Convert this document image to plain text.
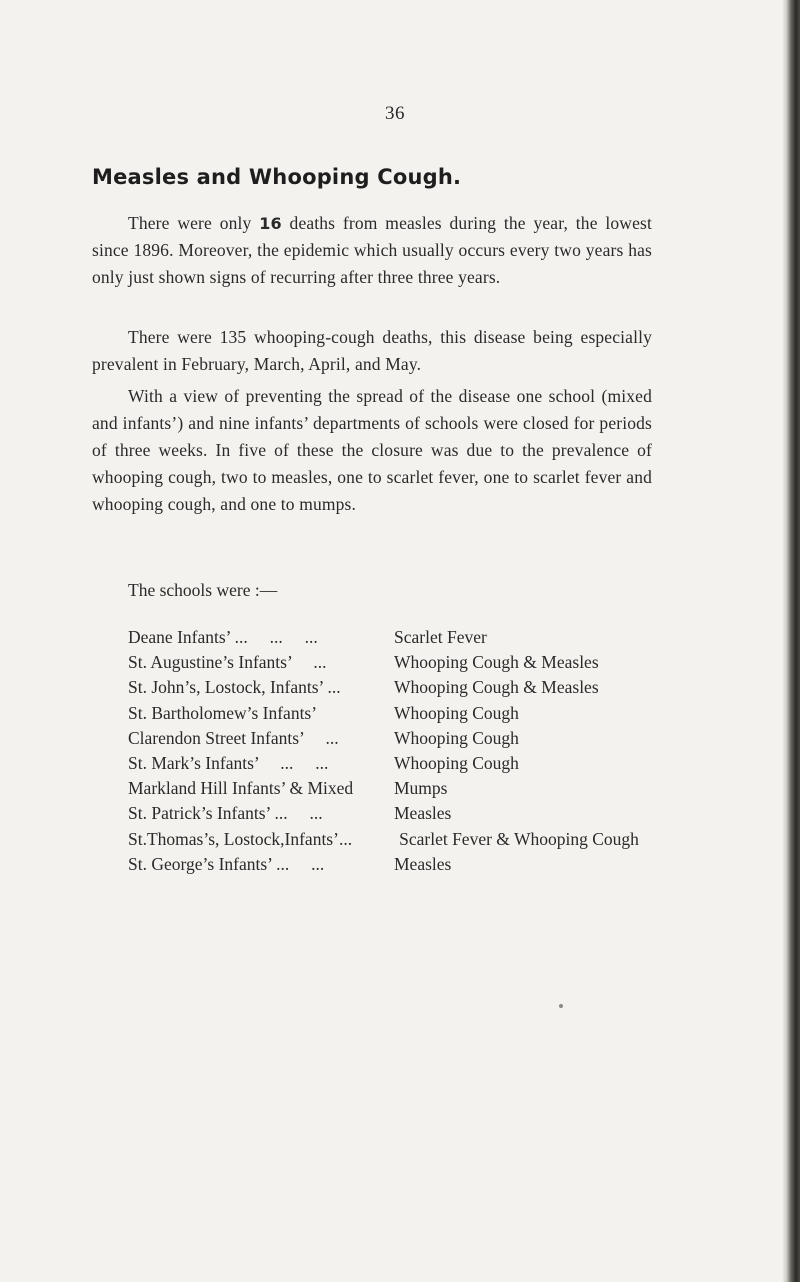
36
Measles and Whooping Cough.

There were only 16 deaths from measles during the year, the lowest since 1896. Moreover, the epidemic which usually occurs every two years has only just shown signs of recurring after three three years.

There were 135 whooping-cough deaths, this disease being especially prevalent in February, March, April, and May.

With a view of preventing the spread of the disease one school (mixed and infants’) and nine infants’ departments of schools were closed for periods of three weeks. In five of these the closure was due to the prevalence of whooping cough, two to measles, one to scarlet fever, one to scarlet fever and whooping cough, and one to mumps.

The schools were :—

Deane Infants’ ...     ...     ...	Scarlet Fever
St. Augustine’s Infants’     ...	Whooping Cough & Measles
St. John’s, Lostock, Infants’ ...	Whooping Cough & Measles
St. Bartholomew’s Infants’	Whooping Cough
Clarendon Street Infants’     ...	Whooping Cough
St. Mark’s Infants’     ...     ...	Whooping Cough
Markland Hill Infants’ & Mixed	Mumps
St. Patrick’s Infants’ ...     ...	Measles
St.Thomas’s, Lostock,Infants’...	Scarlet Fever & Whooping Cough
St. George’s Infants’ ...     ...	Measles
